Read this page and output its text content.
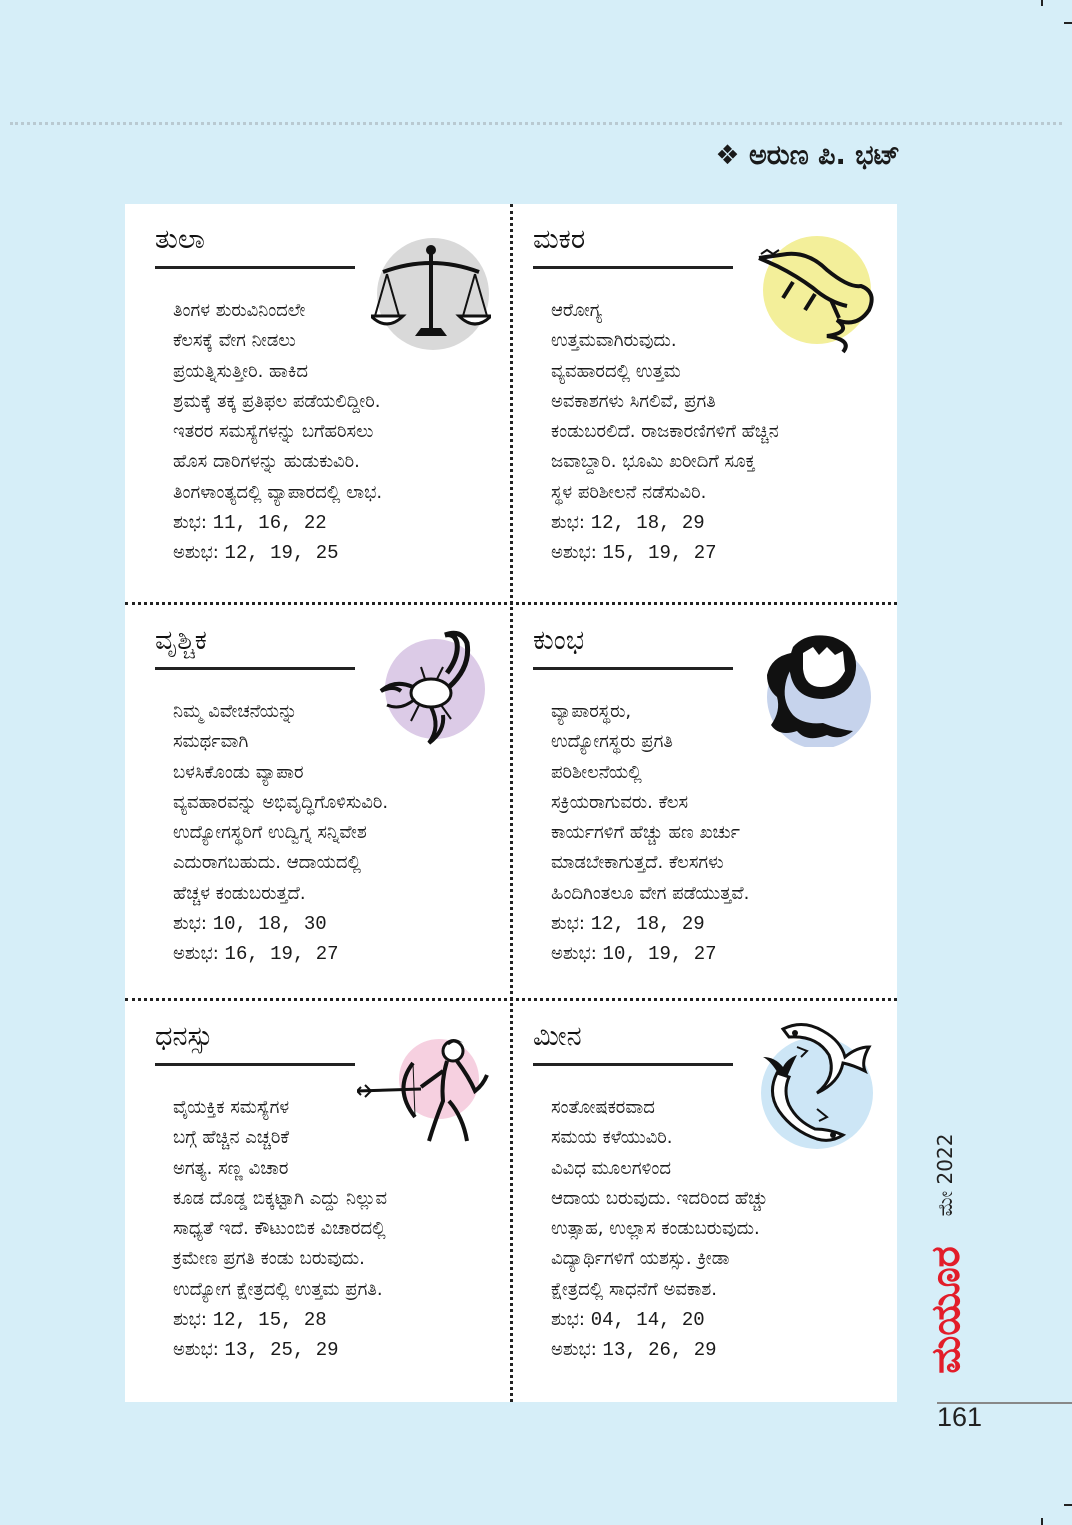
❖ ಅರುಣ ಪಿ. ಭಟ್
ತುಲಾ
ತಿಂಗಳ ಶುರುವಿನಿಂದಲೇ
ಕೆಲಸಕ್ಕೆ ವೇಗ ನೀಡಲು
ಪ್ರಯತ್ನಿಸುತ್ತೀರಿ. ಹಾಕಿದ
ಶ್ರಮಕ್ಕೆ ತಕ್ಕ ಪ್ರತಿಫಲ ಪಡೆಯಲಿದ್ದೀರಿ.
ಇತರರ ಸಮಸ್ಯೆಗಳನ್ನು ಬಗೆಹರಿಸಲು
ಹೊಸ ದಾರಿಗಳನ್ನು ಹುಡುಕುವಿರಿ.
ತಿಂಗಳಾಂತ್ಯದಲ್ಲಿ ವ್ಯಾಪಾರದಲ್ಲಿ ಲಾಭ.
ಶುಭ: 11, 16, 22
ಅಶುಭ: 12, 19, 25
ಮಕರ
ಆರೋಗ್ಯ
ಉತ್ತಮವಾಗಿರುವುದು.
ವ್ಯವಹಾರದಲ್ಲಿ ಉತ್ತಮ
ಅವಕಾಶಗಳು ಸಿಗಲಿವೆ, ಪ್ರಗತಿ
ಕಂಡುಬರಲಿದೆ. ರಾಜಕಾರಣಿಗಳಿಗೆ ಹೆಚ್ಚಿನ
ಜವಾಬ್ದಾರಿ. ಭೂಮಿ ಖರೀದಿಗೆ ಸೂಕ್ತ
ಸ್ಥಳ ಪರಿಶೀಲನೆ ನಡೆಸುವಿರಿ.
ಶುಭ: 12, 18, 29
ಅಶುಭ: 15, 19, 27
ವೃಶ್ಚಿಕ
ನಿಮ್ಮ ವಿವೇಚನೆಯನ್ನು
ಸಮರ್ಥವಾಗಿ
ಬಳಸಿಕೊಂಡು ವ್ಯಾಪಾರ
ವ್ಯವಹಾರವನ್ನು ಅಭಿವೃದ್ಧಿಗೊಳಿಸುವಿರಿ.
ಉದ್ಯೋಗಸ್ಥರಿಗೆ ಉದ್ವಿಗ್ನ ಸನ್ನಿವೇಶ
ಎದುರಾಗಬಹುದು. ಆದಾಯದಲ್ಲಿ
ಹೆಚ್ಚಳ ಕಂಡುಬರುತ್ತದೆ.
ಶುಭ: 10, 18, 30
ಅಶುಭ: 16, 19, 27
ಕುಂಭ
ವ್ಯಾಪಾರಸ್ಥರು,
ಉದ್ಯೋಗಸ್ಥರು ಪ್ರಗತಿ
ಪರಿಶೀಲನೆಯಲ್ಲಿ
ಸಕ್ರಿಯರಾಗುವರು. ಕೆಲಸ
ಕಾರ್ಯಗಳಿಗೆ ಹೆಚ್ಚು ಹಣ ಖರ್ಚು
ಮಾಡಬೇಕಾಗುತ್ತದೆ. ಕೆಲಸಗಳು
ಹಿಂದಿಗಿಂತಲೂ ವೇಗ ಪಡೆಯುತ್ತವೆ.
ಶುಭ: 12, 18, 29
ಅಶುಭ: 10, 19, 27
ಧನಸ್ಸು
ವೈಯಕ್ತಿಕ ಸಮಸ್ಯೆಗಳ
ಬಗ್ಗೆ ಹೆಚ್ಚಿನ ಎಚ್ಚರಿಕೆ
ಅಗತ್ಯ. ಸಣ್ಣ ವಿಚಾರ
ಕೂಡ ದೊಡ್ಡ ಬಿಕ್ಕಟ್ಟಾಗಿ ಎದ್ದು ನಿಲ್ಲುವ
ಸಾಧ್ಯತೆ ಇದೆ. ಕೌಟುಂಬಿಕ ವಿಚಾರದಲ್ಲಿ
ಕ್ರಮೇಣ ಪ್ರಗತಿ ಕಂಡು ಬರುವುದು.
ಉದ್ಯೋಗ ಕ್ಷೇತ್ರದಲ್ಲಿ ಉತ್ತಮ ಪ್ರಗತಿ.
ಶುಭ: 12, 15, 28
ಅಶುಭ: 13, 25, 29
ಮೀನ
ಸಂತೋಷಕರವಾದ
ಸಮಯ ಕಳೆಯುವಿರಿ.
ವಿವಿಧ ಮೂಲಗಳಿಂದ
ಆದಾಯ ಬರುವುದು. ಇದರಿಂದ ಹೆಚ್ಚು
ಉತ್ಸಾಹ, ಉಲ್ಲಾಸ ಕಂಡುಬರುವುದು.
ವಿದ್ಯಾರ್ಥಿಗಳಿಗೆ ಯಶಸ್ಸು. ಕ್ರೀಡಾ
ಕ್ಷೇತ್ರದಲ್ಲಿ ಸಾಧನೆಗೆ ಅವಕಾಶ.
ಶುಭ: 04, 14, 20
ಅಶುಭ: 13, 26, 29
ಮೇ 2022
ಮಯೂರ
161
